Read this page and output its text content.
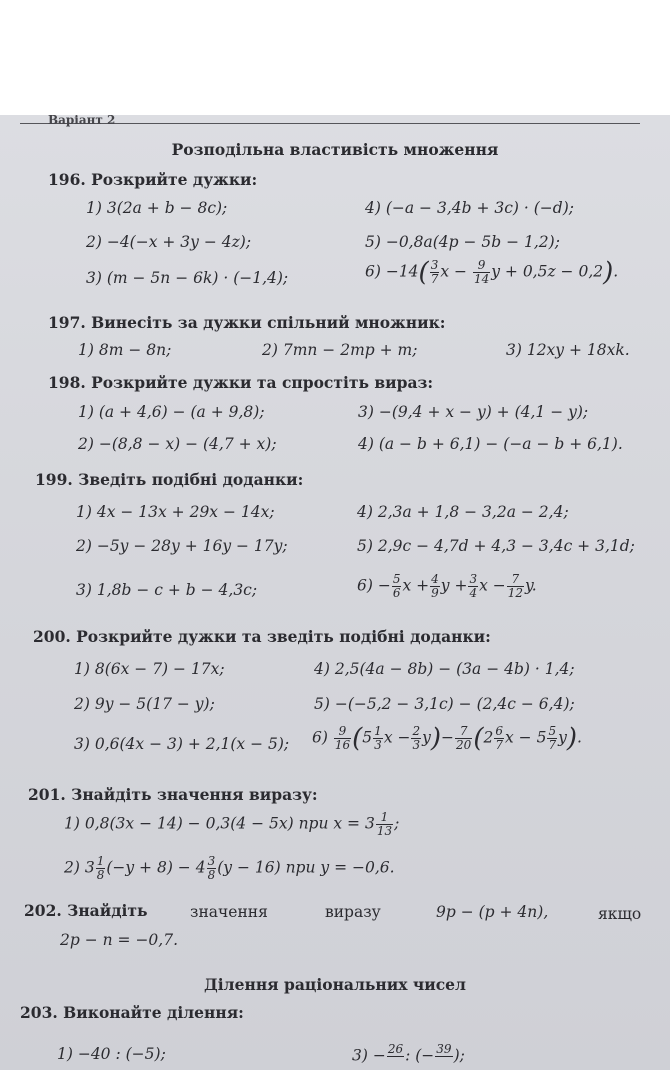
Варіант 2
Розподільна властивість множення
196. Розкрийте дужки:
1) 3(2a + b − 8c);	4) (−a − 3,4b + 3c) · (−d);
2) −4(−x + 3y − 4z);	5) −0,8a(4p − 5b − 1,2);
3) (m − 5n − 6k) · (−1,4);	$6) -14( \frac{3}{7}$ $x - \frac{9}{14}$ y + 0,5z − 0,2).
197. Винесіть за дужки спільний множник:
1) 8m − 8n;	2) 7mn − 2mp + m;	3) 12xy + 18xk.
198. Розкрийте дужки та спростіть вираз:
1) (a + 4,6) − (a + 9,8);	3) −(9,4 + x − y) + (4,1 − y);
2) −(8,8 − x) − (4,7 + x);	4) (a − b + 6,1) − (−a − b + 6,1).
199. Зведіть подібні доданки:
1) 4x − 13x + 29x − 14x;	4) 2,3a + 1,8 − 3,2a − 2,4;
2) −5y − 28y + 16y − 17y;	5) 2,9c − 4,7d + 4,3 − 3,4c + 3,1d;
3) 1,8b − c + b − 4,3c;	$6) - \frac{5}{6}$ $x + \frac{4}{9}$ $y + \frac{3}{4}$ $x - \frac{7}{12} y$.
200. Розкрийте дужки та зведіть подібні доданки:
1) 8(6x − 7) − 17x;	4) 2,5(4a − 8b) − (3a − 4b) · 1,4;
2) 9y − 5(17 − y);	5) −(−5,2 − 3,1c) − (2,4c − 6,4);
3) 0,6(4x − 3) + 2,1(x − 5); $6) \frac{9}{16} (5 \frac{1}{3}$ $x - \frac{2}{3} y)- \frac{7}{20} (2 \frac{6}{7}$ $x - 5 \frac{5}{7} y$).
201. Знайдіть значення виразу:
1) 0,8(3x − 14) − 0,3(4 − 5x) при $x = 3 \frac{1}{13}$ ;
2) $3 \frac{1}{8} (-y + 8) - 4 \frac{3}{8} (y - 16)$ при y = −0,6.
202. Знайдіть	значення	виразу	9p − (p + 4n),	якщо
2p − n = −0,7.
Ділення раціональних чисел
203. Виконайте ділення:
1) −40 : (−5);	3) − 26
: (− 39
);
